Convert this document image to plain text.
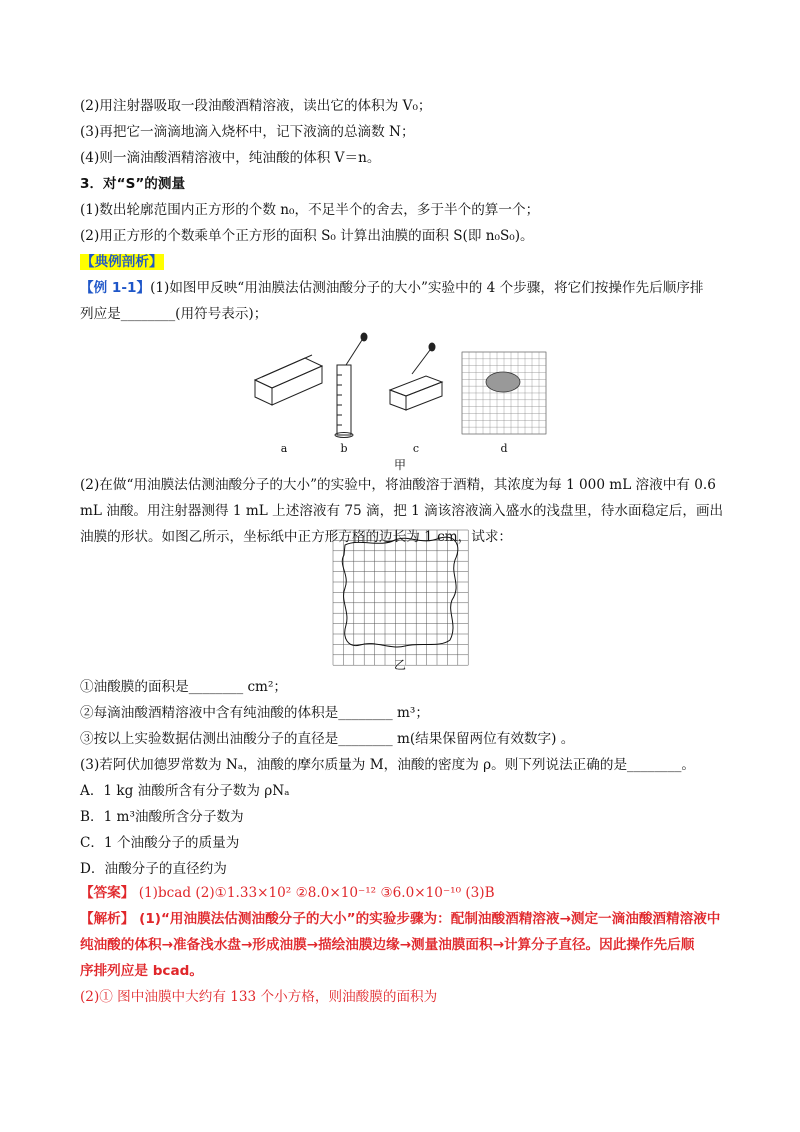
(2)用注射器吸取一段油酸酒精溶液，读出它的体积为 V₀；
(3)再把它一滴滴地滴入烧杯中，记下液滴的总滴数 N；
(4)则一滴油酸酒精溶液中，纯油酸的体积 V＝n。
3．对“S”的测量
(1)数出轮廓范围内正方形的个数 n₀，不足半个的舍去，多于半个的算一个；
(2)用正方形的个数乘单个正方形的面积 S₀ 计算出油膜的面积 S(即 n₀S₀)。
【典例剖析】
【例 1-1】(1)如图甲反映“用油膜法估测油酸分子的大小”实验中的 4 个步骤，将它们按操作先后顺序排
列应是________(用符号表示)；
a	b	c	d
甲
(2)在做“用油膜法估测油酸分子的大小”的实验中，将油酸溶于酒精，其浓度为每 1 000 mL 溶液中有 0.6
mL 油酸。用注射器测得 1 mL 上述溶液有 75 滴，把 1 滴该溶液滴入盛水的浅盘里，待水面稳定后，画出
油膜的形状。如图乙所示，坐标纸中正方形方格的边长为 1 cm，试求：
乙
①油酸膜的面积是________ cm²；
②每滴油酸酒精溶液中含有纯油酸的体积是________ m³；
③按以上实验数据估测出油酸分子的直径是________ m(结果保留两位有效数字) 。
(3)若阿伏加德罗常数为 Nₐ，油酸的摩尔质量为 M，油酸的密度为 ρ。则下列说法正确的是________。
A．1 kg 油酸所含有分子数为 ρNₐ
B．1 m³油酸所含分子数为
C．1 个油酸分子的质量为
D．油酸分子的直径约为
【答案】 (1)bcad (2)①1.33×10² ②8.0×10⁻¹² ③6.0×10⁻¹⁰ (3)B
【解析】 (1)“用油膜法估测油酸分子的大小”的实验步骤为：配制油酸酒精溶液→测定一滴油酸酒精溶液中
纯油酸的体积→准备浅水盘→形成油膜→描绘油膜边缘→测量油膜面积→计算分子直径。因此操作先后顺
序排列应是 bcad。
(2)① 图中油膜中大约有 133 个小方格，则油酸膜的面积为
